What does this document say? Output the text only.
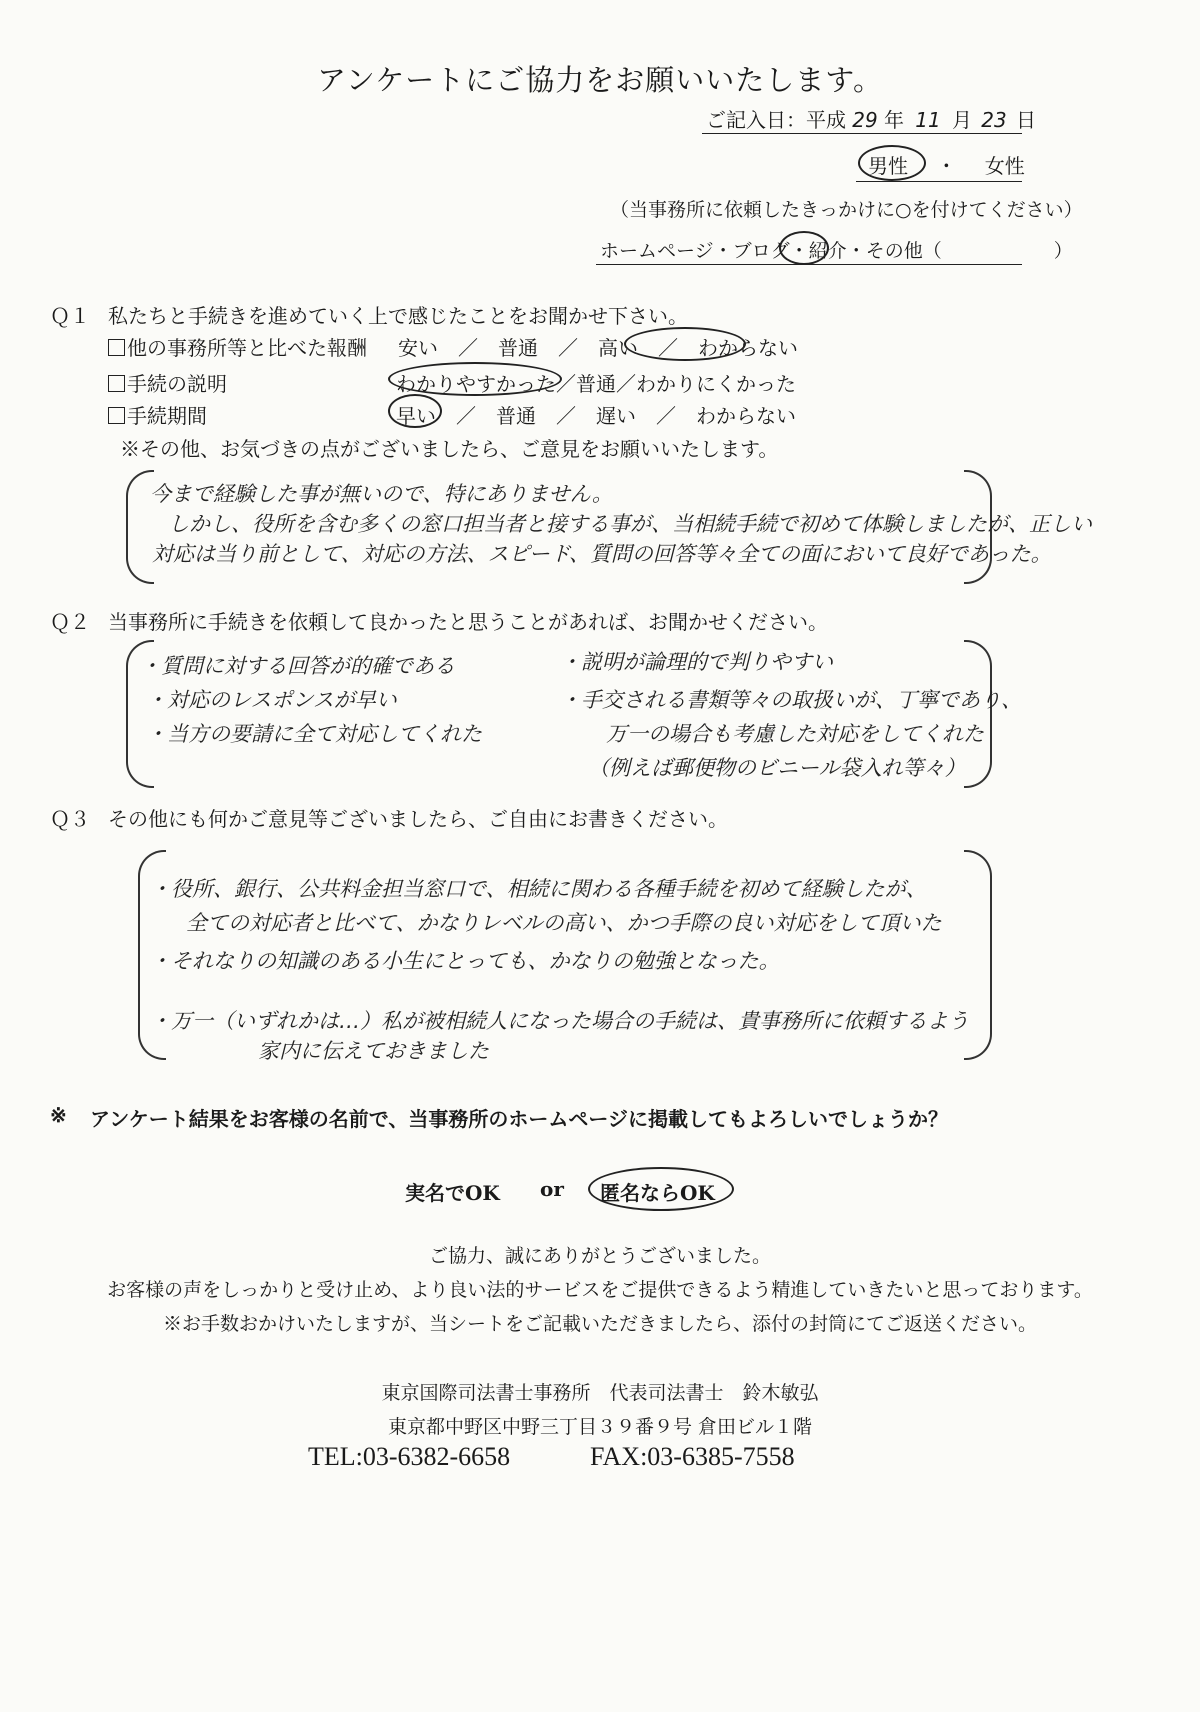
アンケートにご協力をお願いいたします。
ご記入日：平成 29 年 11 月 23 日
男性 ・ 女性
（当事務所に依頼したきっかけに○を付けてください）
ホームページ・ブログ・紹介・その他（	）
Ｑ１ 私たちと手続きを進めていく上で感じたことをお聞かせ下さい。
他の事務所等と比べた報酬 安い　／　普通　／　高い　／　わからない
手続の説明	わかりやすかった／普通／わかりにくかった
手続期間	早い　／　普通　／　遅い　／　わからない
※その他、お気づきの点がございましたら、ご意見をお願いいたします。
今まで経験した事が無いので、特にありません。
しかし、役所を含む多くの窓口担当者と接する事が、当相続手続で初めて体験しましたが、正しい
対応は当り前として、対応の方法、スピード、質問の回答等々全ての面において良好であった。
Ｑ２ 当事務所に手続きを依頼して良かったと思うことがあれば、お聞かせください。
・質問に対する回答が的確である
・対応のレスポンスが早い
・当方の要請に全て対応してくれた
・説明が論理的で判りやすい
・手交される書類等々の取扱いが、丁寧であり、
万一の場合も考慮した対応をしてくれた
（例えば郵便物のビニール袋入れ等々）
Ｑ３ その他にも何かご意見等ございましたら、ご自由にお書きください。
・役所、銀行、公共料金担当窓口で、相続に関わる各種手続を初めて経験したが、
全ての対応者と比べて、かなりレベルの高い、かつ手際の良い対応をして頂いた
・それなりの知識のある小生にとっても、かなりの勉強となった。
・万一（いずれかは…）私が被相続人になった場合の手続は、貴事務所に依頼するよう
家内に伝えておきました
※ アンケート結果をお客様の名前で、当事務所のホームページに掲載してもよろしいでしょうか？
実名でOK or 匿名ならOK
ご協力、誠にありがとうございました。
お客様の声をしっかりと受け止め、より良い法的サービスをご提供できるよう精進していきたいと思っております。
※お手数おかけいたしますが、当シートをご記載いただきましたら、添付の封筒にてご返送ください。
東京国際司法書士事務所　代表司法書士　鈴木敏弘
東京都中野区中野三丁目３９番９号 倉田ビル１階
TEL:03-6382-6658	FAX:03-6385-7558
